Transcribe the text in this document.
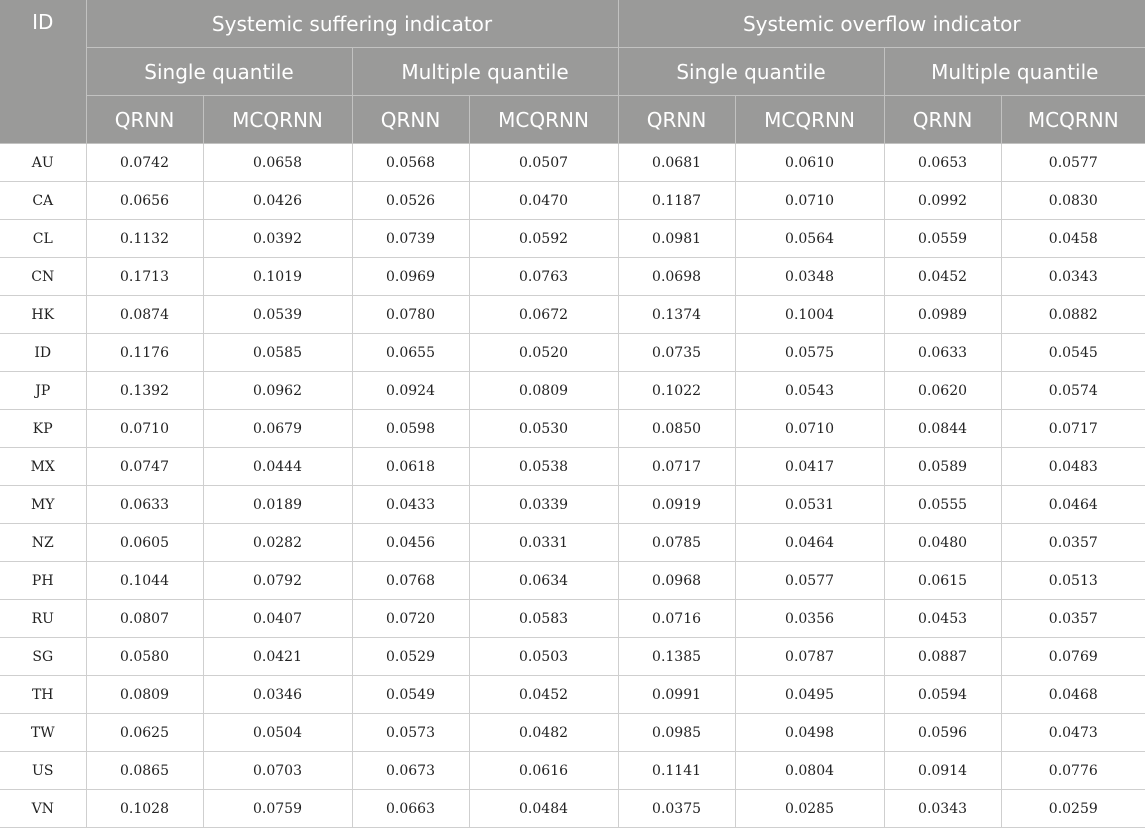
ID	Systemic suffering indicator				Systemic overflow indicator			
	Single quantile		Multiple quantile		Single quantile		Multiple quantile	
	QRNN	MCQRNN	QRNN	MCQRNN	QRNN	MCQRNN	QRNN	MCQRNN
AU	0.0742	0.0658	0.0568	0.0507	0.0681	0.0610	0.0653	0.0577
CA	0.0656	0.0426	0.0526	0.0470	0.1187	0.0710	0.0992	0.0830
CL	0.1132	0.0392	0.0739	0.0592	0.0981	0.0564	0.0559	0.0458
CN	0.1713	0.1019	0.0969	0.0763	0.0698	0.0348	0.0452	0.0343
HK	0.0874	0.0539	0.0780	0.0672	0.1374	0.1004	0.0989	0.0882
ID	0.1176	0.0585	0.0655	0.0520	0.0735	0.0575	0.0633	0.0545
JP	0.1392	0.0962	0.0924	0.0809	0.1022	0.0543	0.0620	0.0574
KP	0.0710	0.0679	0.0598	0.0530	0.0850	0.0710	0.0844	0.0717
MX	0.0747	0.0444	0.0618	0.0538	0.0717	0.0417	0.0589	0.0483
MY	0.0633	0.0189	0.0433	0.0339	0.0919	0.0531	0.0555	0.0464
NZ	0.0605	0.0282	0.0456	0.0331	0.0785	0.0464	0.0480	0.0357
PH	0.1044	0.0792	0.0768	0.0634	0.0968	0.0577	0.0615	0.0513
RU	0.0807	0.0407	0.0720	0.0583	0.0716	0.0356	0.0453	0.0357
SG	0.0580	0.0421	0.0529	0.0503	0.1385	0.0787	0.0887	0.0769
TH	0.0809	0.0346	0.0549	0.0452	0.0991	0.0495	0.0594	0.0468
TW	0.0625	0.0504	0.0573	0.0482	0.0985	0.0498	0.0596	0.0473
US	0.0865	0.0703	0.0673	0.0616	0.1141	0.0804	0.0914	0.0776
VN	0.1028	0.0759	0.0663	0.0484	0.0375	0.0285	0.0343	0.0259
